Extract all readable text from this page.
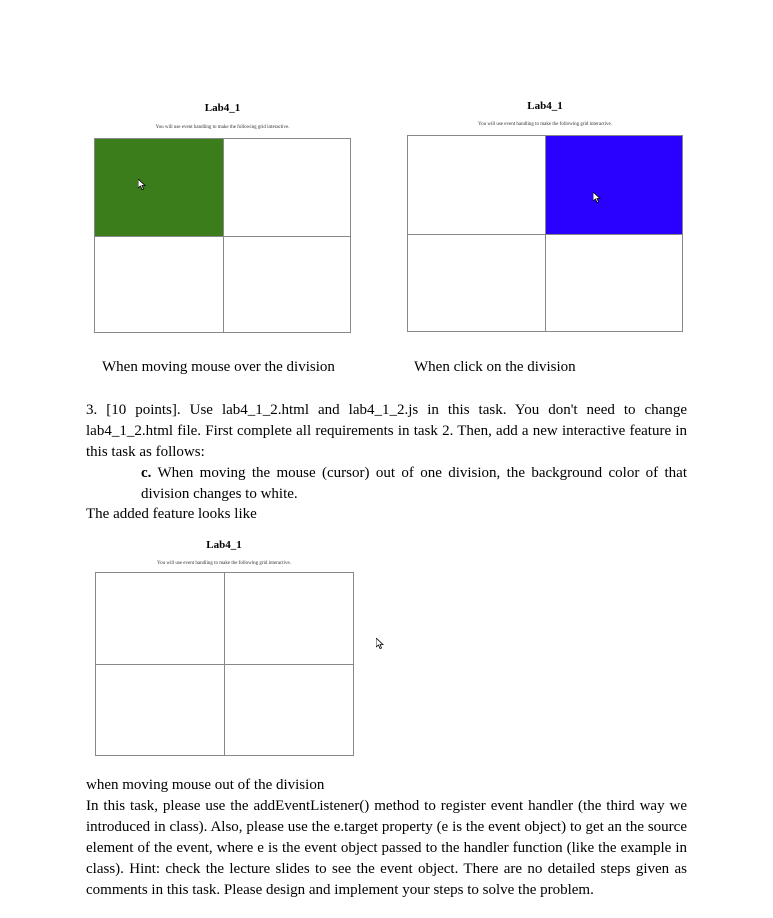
Lab4_1
You will use event handling to make the following grid interactive.
When moving mouse over the division
Lab4_1
You will use event handling to make the following grid interactive.
When click on the division

3. [10 points]. Use lab4_1_2.html and lab4_1_2.js in this task. You don't need to change lab4_1_2.html file. First complete all requirements in task 2. Then, add a new interactive feature in this task as follows:

c. When moving the mouse (cursor) out of one division, the background color of that division changes to white.

The added feature looks like

Lab4_1
You will use event handling to make the following grid interactive.

when moving mouse out of the division

In this task, please use the addEventListener() method to register event handler (the third way we introduced in class). Also, please use the e.target property (e is the event object) to get an the source element of the event, where e is the event object passed to the handler function (like the example in class). Hint: check the lecture slides to see the event object. There are no detailed steps given as comments in this task. Please design and implement your steps to solve the problem.
